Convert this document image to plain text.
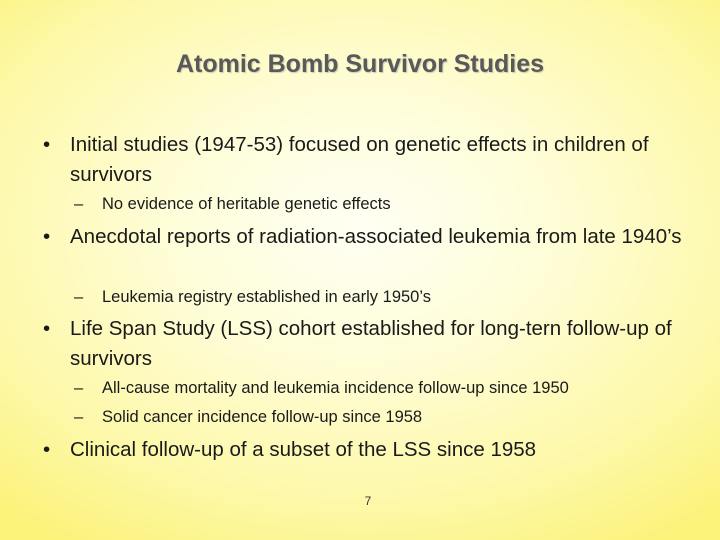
Atomic Bomb Survivor Studies
• Initial studies (1947-53) focused on genetic effects in children of survivors
– No evidence of heritable genetic effects
• Anecdotal reports of radiation-associated leukemia from late 1940’s
– Leukemia registry established in early 1950’s
• Life Span Study (LSS) cohort established for long-tern follow-up of survivors
– All-cause mortality and leukemia incidence follow-up since 1950
– Solid cancer incidence follow-up since 1958
• Clinical follow-up of a subset of the LSS since 1958
7
